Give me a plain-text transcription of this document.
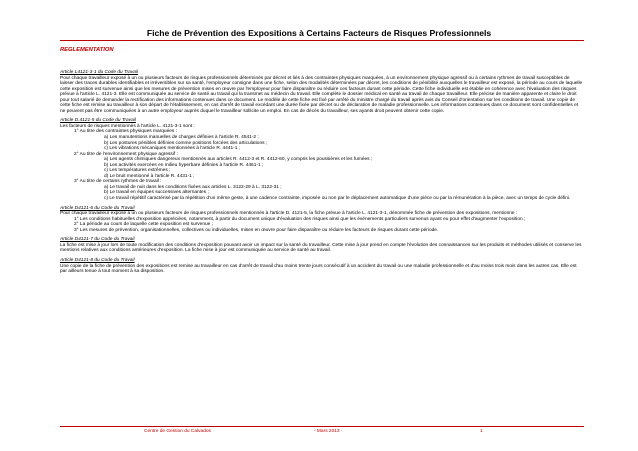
Fiche de Prévention des Expositions à Certains Facteurs de Risques Professionnels
REGLEMENTATION

Article L4121-3-1 du Code du Travail

Pour chaque travailleur exposé à un ou plusieurs facteurs de risques professionnels déterminés par décret et liés à des contraintes physiques marquées, à un environnement physique agressif ou à certains rythmes de travail susceptibles de laisser des traces durables identifiables et irréversibles sur sa santé, l'employeur consigne dans une fiche, selon des modalités déterminées par décret, les conditions de pénibilité auxquelles le travailleur est exposé, la période au cours de laquelle cette exposition est survenue ainsi que les mesures de prévention mises en œuvre par l'employeur pour faire disparaître ou réduire ces facteurs durant cette période. Cette fiche individuelle est établie en cohérence avec l'évaluation des risques prévue à l'article L. 4121-3. Elle est communiquée au service de santé au travail qui la transmet au médecin du travail. Elle complète le dossier médical en santé au travail de chaque travailleur. Elle précise de manière apparente et claire le droit pour tout salarié de demander la rectification des informations contenues dans ce document. Le modèle de cette fiche est fixé par arrêté du ministre chargé du travail après avis du Conseil d'orientation sur les conditions de travail. Une copie de cette fiche est remise au travailleur à son départ de l'établissement, en cas d'arrêt de travail excédant une durée fixée par décret ou de déclaration de maladie professionnelle. Les informations contenues dans ce document sont confidentielles et ne peuvent pas être communiquées à un autre employeur auprès duquel le travailleur sollicite un emploi. En cas de décès du travailleur, ses ayants droit peuvent obtenir cette copie.

Article D.4121-5 du Code du Travail

Les facteurs de risques mentionnés à l'article L. 4121-3-1 sont :

1° Au titre des contraintes physiques marquées :

a) Les manutentions manuelles de charges définies à l'article R. 4541-2 ;

b) Les postures pénibles définies comme positions forcées des articulations ;

c) Les vibrations mécaniques mentionnées à l'article R. 4441-1 ;

2° Au titre de l'environnement physique agressif :

a) Les agents chimiques dangereux mentionnés aux articles R. 4412-3 et R. 4412-60, y compris les poussières et les fumées ;

b) Les activités exercées en milieu hyperbare définies à l'article R. 4461-1 ;

c) Les températures extrêmes ;

d) Le bruit mentionné à l'article R. 4431-1 ;

3° Au titre de certains rythmes de travail :

a) Le travail de nuit dans les conditions fixées aux articles L. 3122-29 à L. 3122-31 ;

b) Le travail en équipes successives alternantes ;

c) Le travail répétitif caractérisé par la répétition d'un même geste, à une cadence contrainte, imposée ou non par le déplacement automatique d'une pièce ou par la rémunération à la pièce, avec un temps de cycle défini.

Article D4121-6 du Code du Travail

Pour chaque travailleur exposé à un ou plusieurs facteurs de risques professionnels mentionnés à l'article D. 4121-5, la fiche prévue à l'article L. 4121-3-1, dénommée fiche de prévention des expositions, mentionne :

1° Les conditions habituelles d'exposition appréciées, notamment, à partir du document unique d'évaluation des risques ainsi que les événements particuliers survenus ayant eu pour effet d'augmenter l'exposition ;

2° La période au cours de laquelle cette exposition est survenue ;

3° Les mesures de prévention, organisationnelles, collectives ou individuelles, mises en œuvre pour faire disparaître ou réduire les facteurs de risques durant cette période.

Article D4121-7 du Code du Travail

La fiche est mise à jour lors de toute modification des conditions d'exposition pouvant avoir un impact sur la santé du travailleur. Cette mise à jour prend en compte l'évolution des connaissances sur les produits et méthodes utilisés et conserve les mentions relatives aux conditions antérieures d'exposition. La fiche mise à jour est communiquée au service de santé au travail.

Article D4121-8 du Code du Travail

Une copie de la fiche de prévention des expositions est remise au travailleur en cas d'arrêt de travail d'au moins trente jours consécutif à un accident du travail ou une maladie professionnelle et d'au moins trois mois dans les autres cas. Elle est par ailleurs tenue à tout moment à sa disposition.

Centre de Gestion du Calvados	- Mars 2013 -	1
